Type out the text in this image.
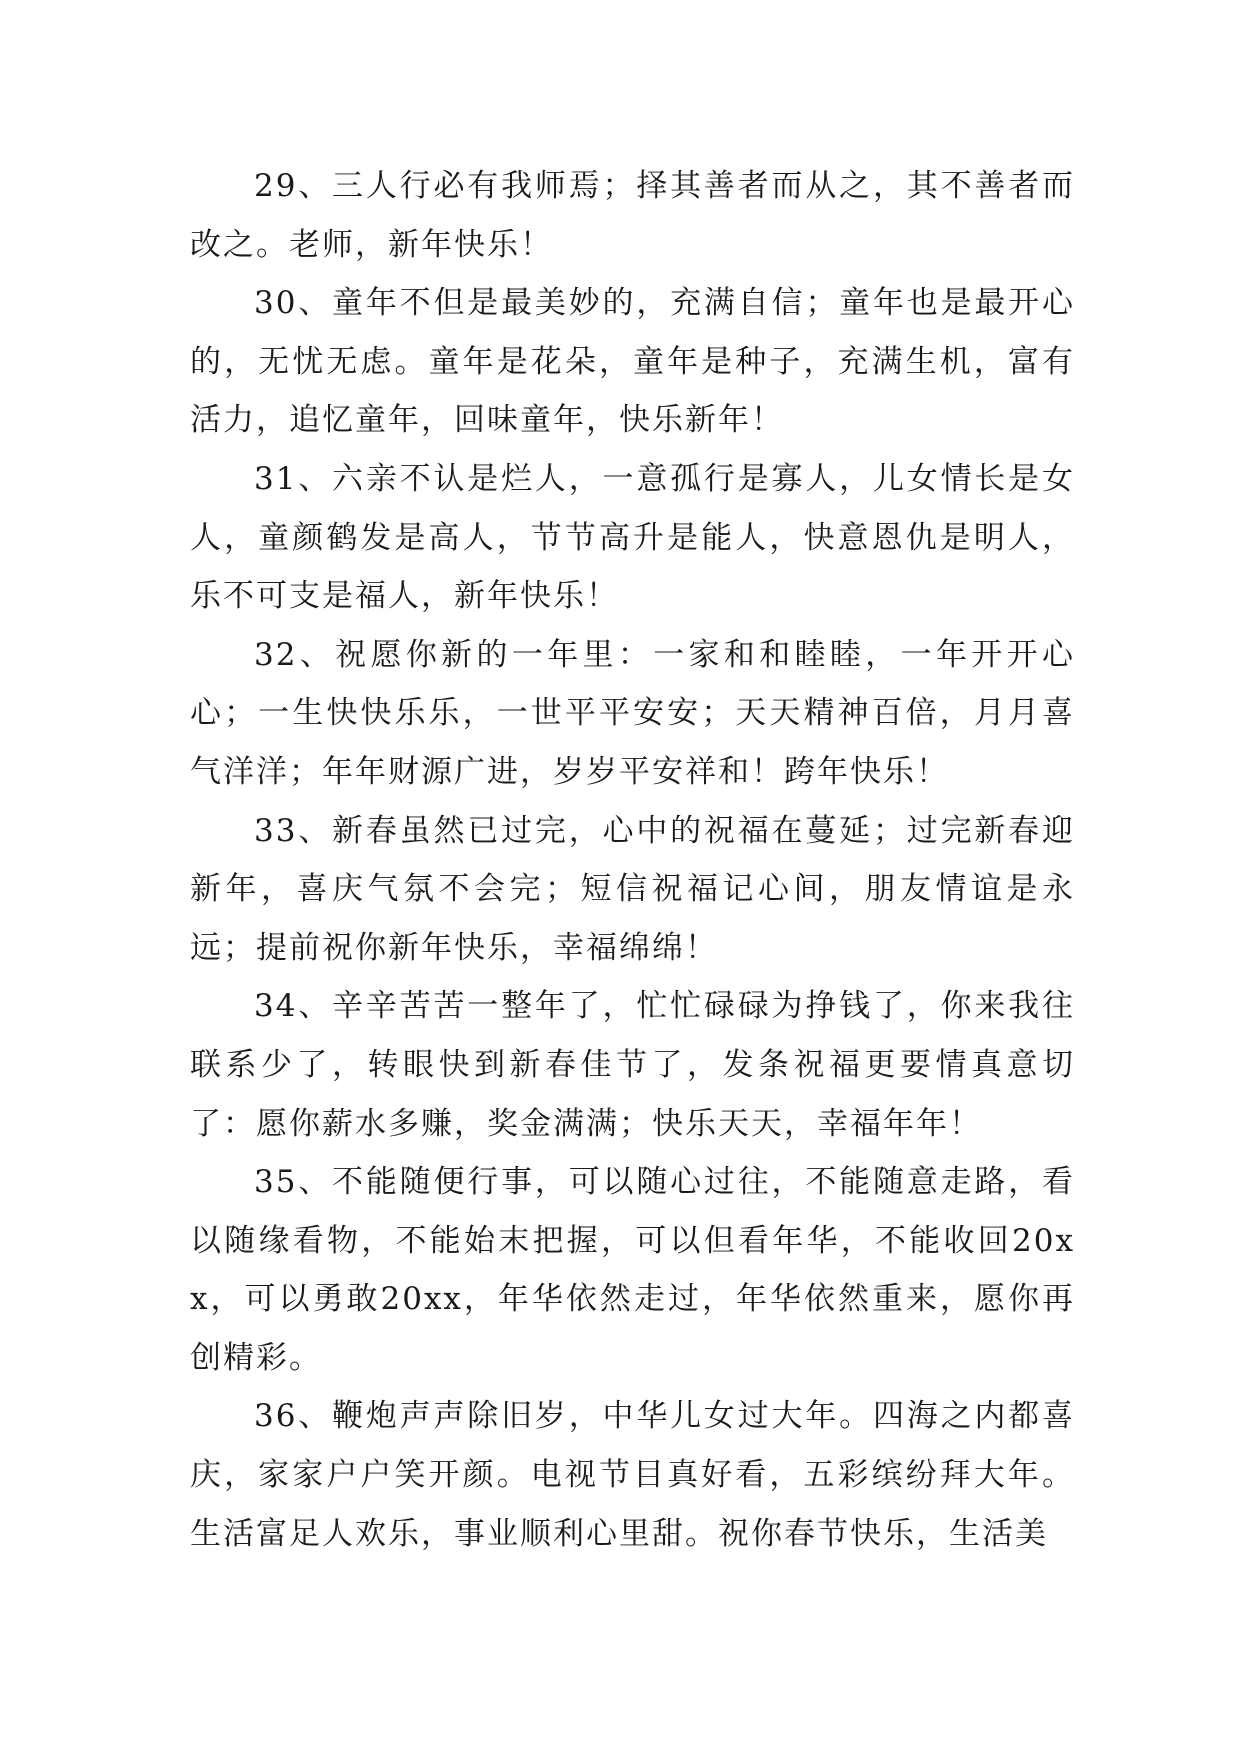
29、三人行必有我师焉；择其善者而从之，其不善者而改之。老师，新年快乐！

30、童年不但是最美妙的，充满自信；童年也是最开心的，无忧无虑。童年是花朵，童年是种子，充满生机，富有活力，追忆童年，回味童年，快乐新年！

31、六亲不认是烂人，一意孤行是寡人，儿女情长是女人，童颜鹤发是高人，节节高升是能人，快意恩仇是明人，乐不可支是福人，新年快乐！

32、祝愿你新的一年里：一家和和睦睦，一年开开心心；一生快快乐乐，一世平平安安；天天精神百倍，月月喜气洋洋；年年财源广进，岁岁平安祥和！跨年快乐！

33、新春虽然已过完，心中的祝福在蔓延；过完新春迎新年，喜庆气氛不会完；短信祝福记心间，朋友情谊是永远；提前祝你新年快乐，幸福绵绵！

34、辛辛苦苦一整年了，忙忙碌碌为挣钱了，你来我往联系少了，转眼快到新春佳节了，发条祝福更要情真意切了：愿你薪水多赚，奖金满满；快乐天天，幸福年年！

35、不能随便行事，可以随心过往，不能随意走路，看以随缘看物，不能始末把握，可以但看年华，不能收回20xx，可以勇敢20xx，年华依然走过，年华依然重来，愿你再创精彩。

36、鞭炮声声除旧岁，中华儿女过大年。四海之内都喜庆，家家户户笑开颜。电视节目真好看，五彩缤纷拜大年。生活富足人欢乐，事业顺利心里甜。祝你春节快乐，生活美
